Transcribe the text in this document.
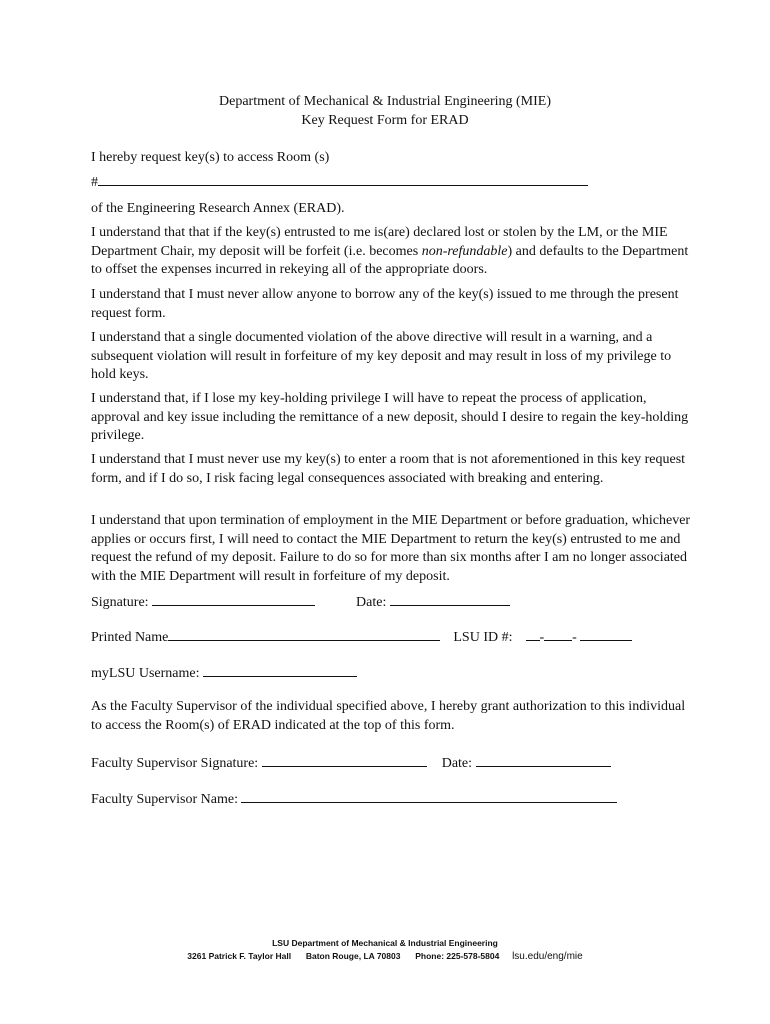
Department of Mechanical & Industrial Engineering (MIE)
Key Request Form for ERAD
I hereby request key(s) to access Room (s)
#
of the Engineering Research Annex (ERAD).
I understand that that if the key(s) entrusted to me is(are) declared lost or stolen by the LM, or the MIE Department Chair, my deposit will be forfeit (i.e. becomes non-refundable) and defaults to the Department to offset the expenses incurred in rekeying all of the appropriate doors.
I understand that I must never allow anyone to borrow any of the key(s) issued to me through the present request form.
I understand that a single documented violation of the above directive will result in a warning, and a subsequent violation will result in forfeiture of my key deposit and may result in loss of my privilege to hold keys.
I understand that, if I lose my key-holding privilege I will have to repeat the process of application, approval and key issue including the remittance of a new deposit, should I desire to regain the key-holding privilege.
I understand that I must never use my key(s) to enter a room that is not aforementioned in this key request form, and if I do so, I risk facing legal consequences associated with breaking and entering.
I understand that upon termination of employment in the MIE Department or before graduation, whichever applies or occurs first, I will need to contact the MIE Department to return the key(s) entrusted to me and request the refund of my deposit. Failure to do so for more than six months after I am no longer associated with the MIE Department will result in forfeiture of my deposit.
Signature:	Date:
Printed Name	LSU ID #: - -
myLSU Username:
As the Faculty Supervisor of the individual specified above, I hereby grant authorization to this individual to access the Room(s) of ERAD indicated at the top of this form.
Faculty Supervisor Signature:	Date:
Faculty Supervisor Name:
LSU Department of Mechanical & Industrial Engineering
3261 Patrick F. Taylor Hall Baton Rouge, LA 70803 Phone: 225-578-5804 lsu.edu/eng/mie
